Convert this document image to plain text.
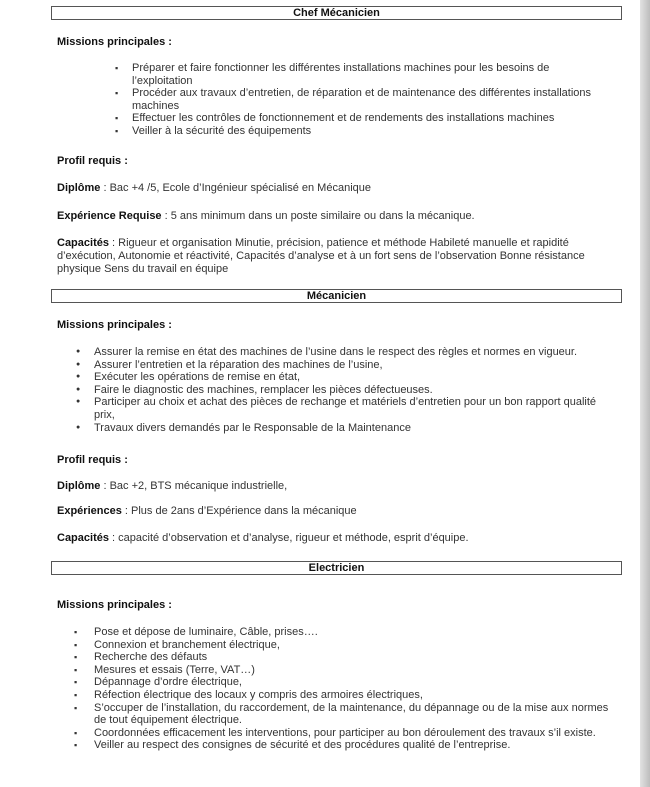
Chef Mécanicien
Missions principales :
▪ Préparer et faire fonctionner les différentes installations machines pour les besoins de l’exploitation
▪ Procéder aux travaux d’entretien, de réparation et de maintenance des différentes installations machines
▪ Effectuer les contrôles de fonctionnement et de rendements des installations machines
▪ Veiller à la sécurité des équipements
Profil requis :
Diplôme : Bac +4 /5, Ecole d’Ingénieur spécialisé en Mécanique
Expérience Requise : 5 ans minimum dans un poste similaire ou dans la mécanique.
Capacités : Rigueur et organisation Minutie, précision, patience et méthode Habileté manuelle et rapidité d’exécution, Autonomie et réactivité, Capacités d’analyse et à un fort sens de l’observation Bonne résistance physique Sens du travail en équipe
Mécanicien
Missions principales :
● Assurer la remise en état des machines de l’usine dans le respect des règles et normes en vigueur.
● Assurer l’entretien et la réparation des machines de l’usine,
● Exécuter les opérations de remise en état,
● Faire le diagnostic des machines, remplacer les pièces défectueuses.
● Participer au choix et achat des pièces de rechange et matériels d’entretien pour un bon rapport qualité prix,
● Travaux divers demandés par le Responsable de la Maintenance
Profil requis :
Diplôme : Bac +2, BTS mécanique industrielle,
Expériences : Plus de 2ans d’Expérience dans la mécanique
Capacités : capacité d’observation et d’analyse, rigueur et méthode, esprit d’équipe.
Electricien
Missions principales :
▪ Pose et dépose de luminaire, Câble, prises….
▪ Connexion et branchement électrique,
▪ Recherche des défauts
▪ Mesures et essais (Terre, VAT…)
▪ Dépannage d’ordre électrique,
▪ Réfection électrique des locaux y compris des armoires électriques,
▪ S’occuper de l’installation, du raccordement, de la maintenance, du dépannage ou de la mise aux normes de tout équipement électrique.
▪ Coordonnées efficacement les interventions, pour participer au bon déroulement des travaux s’il existe.
▪ Veiller au respect des consignes de sécurité et des procédures qualité de l’entreprise.
